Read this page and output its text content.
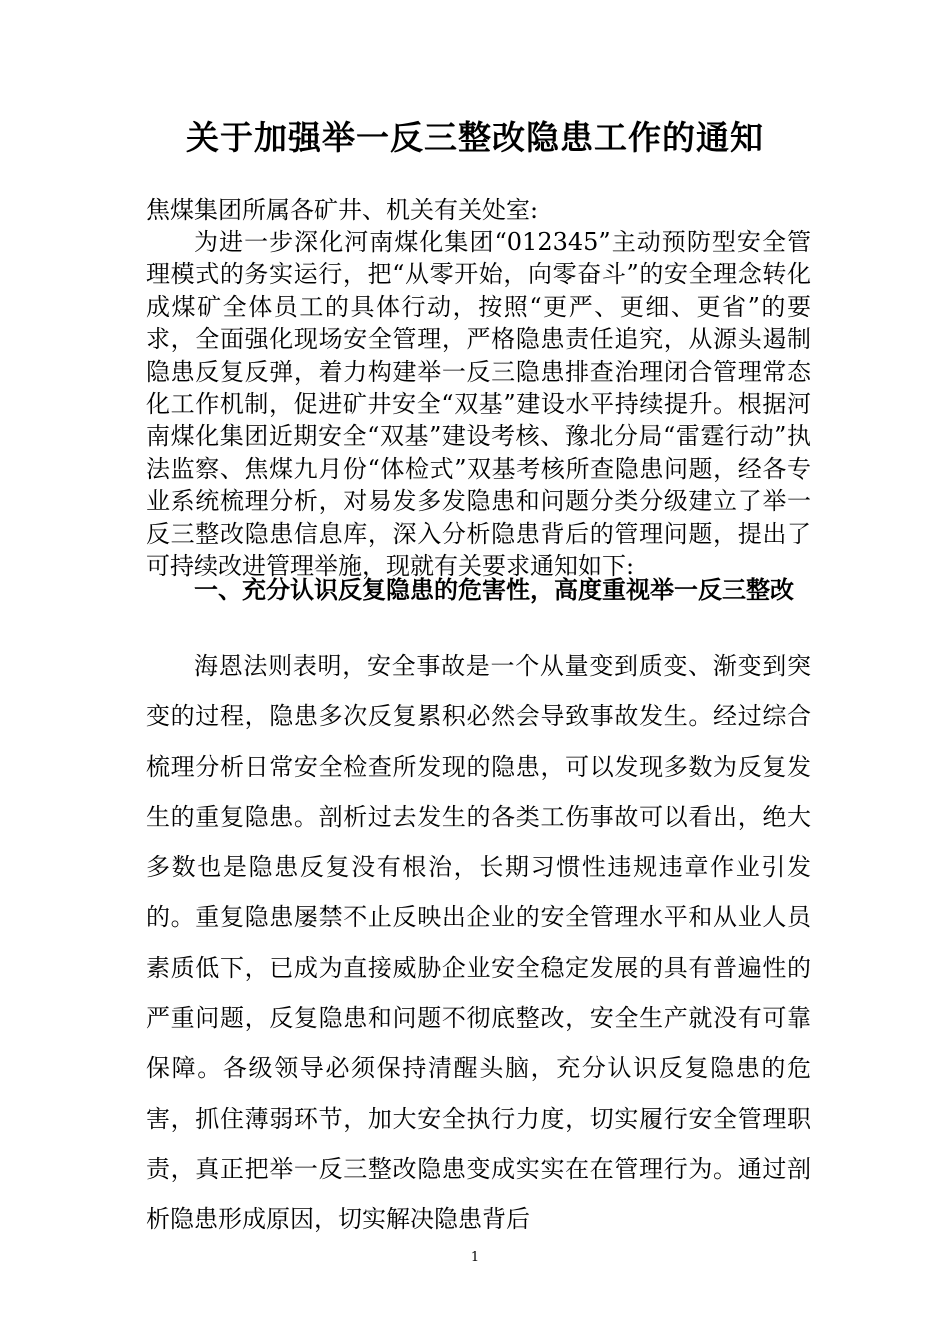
关于加强举一反三整改隐患工作的通知
焦煤集团所属各矿井、机关有关处室:
为进一步深化河南煤化集团“012345”主动预防型安全管理模式的务实运行，把“从零开始，向零奋斗”的安全理念转化成煤矿全体员工的具体行动，按照“更严、更细、更省”的要求，全面强化现场安全管理，严格隐患责任追究，从源头遏制隐患反复反弹，着力构建举一反三隐患排查治理闭合管理常态化工作机制，促进矿井安全“双基”建设水平持续提升。根据河南煤化集团近期安全“双基”建设考核、豫北分局“雷霆行动”执法监察、焦煤九月份“体检式”双基考核所查隐患问题，经各专业系统梳理分析，对易发多发隐患和问题分类分级建立了举一反三整改隐患信息库，深入分析隐患背后的管理问题，提出了可持续改进管理举施，现就有关要求通知如下:
一、充分认识反复隐患的危害性，高度重视举一反三整改
海恩法则表明，安全事故是一个从量变到质变、渐变到突变的过程，隐患多次反复累积必然会导致事故发生。经过综合梳理分析日常安全检查所发现的隐患，可以发现多数为反复发生的重复隐患。剖析过去发生的各类工伤事故可以看出，绝大多数也是隐患反复没有根治，长期习惯性违规违章作业引发的。重复隐患屡禁不止反映出企业的安全管理水平和从业人员素质低下，已成为直接威胁企业安全稳定发展的具有普遍性的严重问题，反复隐患和问题不彻底整改，安全生产就没有可靠保障。各级领导必须保持清醒头脑，充分认识反复隐患的危害，抓住薄弱环节，加大安全执行力度，切实履行安全管理职责，真正把举一反三整改隐患变成实实在在管理行为。通过剖析隐患形成原因，切实解决隐患背后
1
